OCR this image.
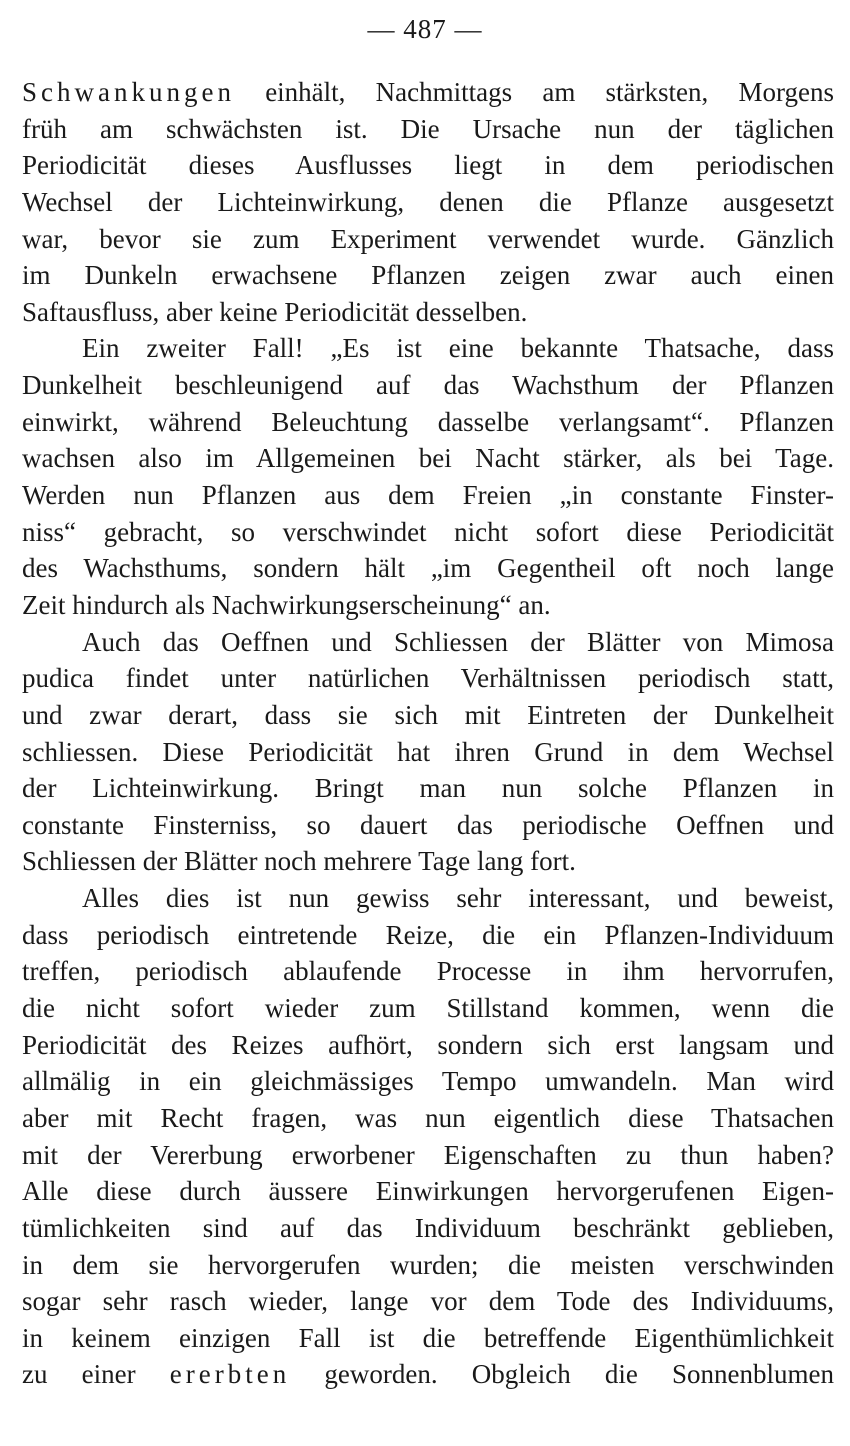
— 487 —
Schwankungen einhält, Nachmittags am stärksten, Morgens
früh am schwächsten ist. Die Ursache nun der täglichen
Periodicität dieses Ausflusses liegt in dem periodischen
Wechsel der Lichteinwirkung, denen die Pflanze ausgesetzt
war, bevor sie zum Experiment verwendet wurde. Gänzlich
im Dunkeln erwachsene Pflanzen zeigen zwar auch einen
Saftausfluss, aber keine Periodicität desselben.
Ein zweiter Fall! „Es ist eine bekannte Thatsache, dass
Dunkelheit beschleunigend auf das Wachsthum der Pflanzen
einwirkt, während Beleuchtung dasselbe verlangsamt“. Pflanzen
wachsen also im Allgemeinen bei Nacht stärker, als bei Tage.
Werden nun Pflanzen aus dem Freien „in constante Finster-
niss“ gebracht, so verschwindet nicht sofort diese Periodicität
des Wachsthums, sondern hält „im Gegentheil oft noch lange
Zeit hindurch als Nachwirkungserscheinung“ an.
Auch das Oeffnen und Schliessen der Blätter von Mimosa
pudica findet unter natürlichen Verhältnissen periodisch statt,
und zwar derart, dass sie sich mit Eintreten der Dunkelheit
schliessen. Diese Periodicität hat ihren Grund in dem Wechsel
der Lichteinwirkung. Bringt man nun solche Pflanzen in
constante Finsterniss, so dauert das periodische Oeffnen und
Schliessen der Blätter noch mehrere Tage lang fort.
Alles dies ist nun gewiss sehr interessant, und beweist,
dass periodisch eintretende Reize, die ein Pflanzen-Individuum
treffen, periodisch ablaufende Processe in ihm hervorrufen,
die nicht sofort wieder zum Stillstand kommen, wenn die
Periodicität des Reizes aufhört, sondern sich erst langsam und
allmälig in ein gleichmässiges Tempo umwandeln. Man wird
aber mit Recht fragen, was nun eigentlich diese Thatsachen
mit der Vererbung erworbener Eigenschaften zu thun haben?
Alle diese durch äussere Einwirkungen hervorgerufenen Eigen-
tümlichkeiten sind auf das Individuum beschränkt geblieben,
in dem sie hervorgerufen wurden; die meisten verschwinden
sogar sehr rasch wieder, lange vor dem Tode des Individuums,
in keinem einzigen Fall ist die betreffende Eigenthümlichkeit
zu einer ererbten geworden. Obgleich die Sonnenblumen
